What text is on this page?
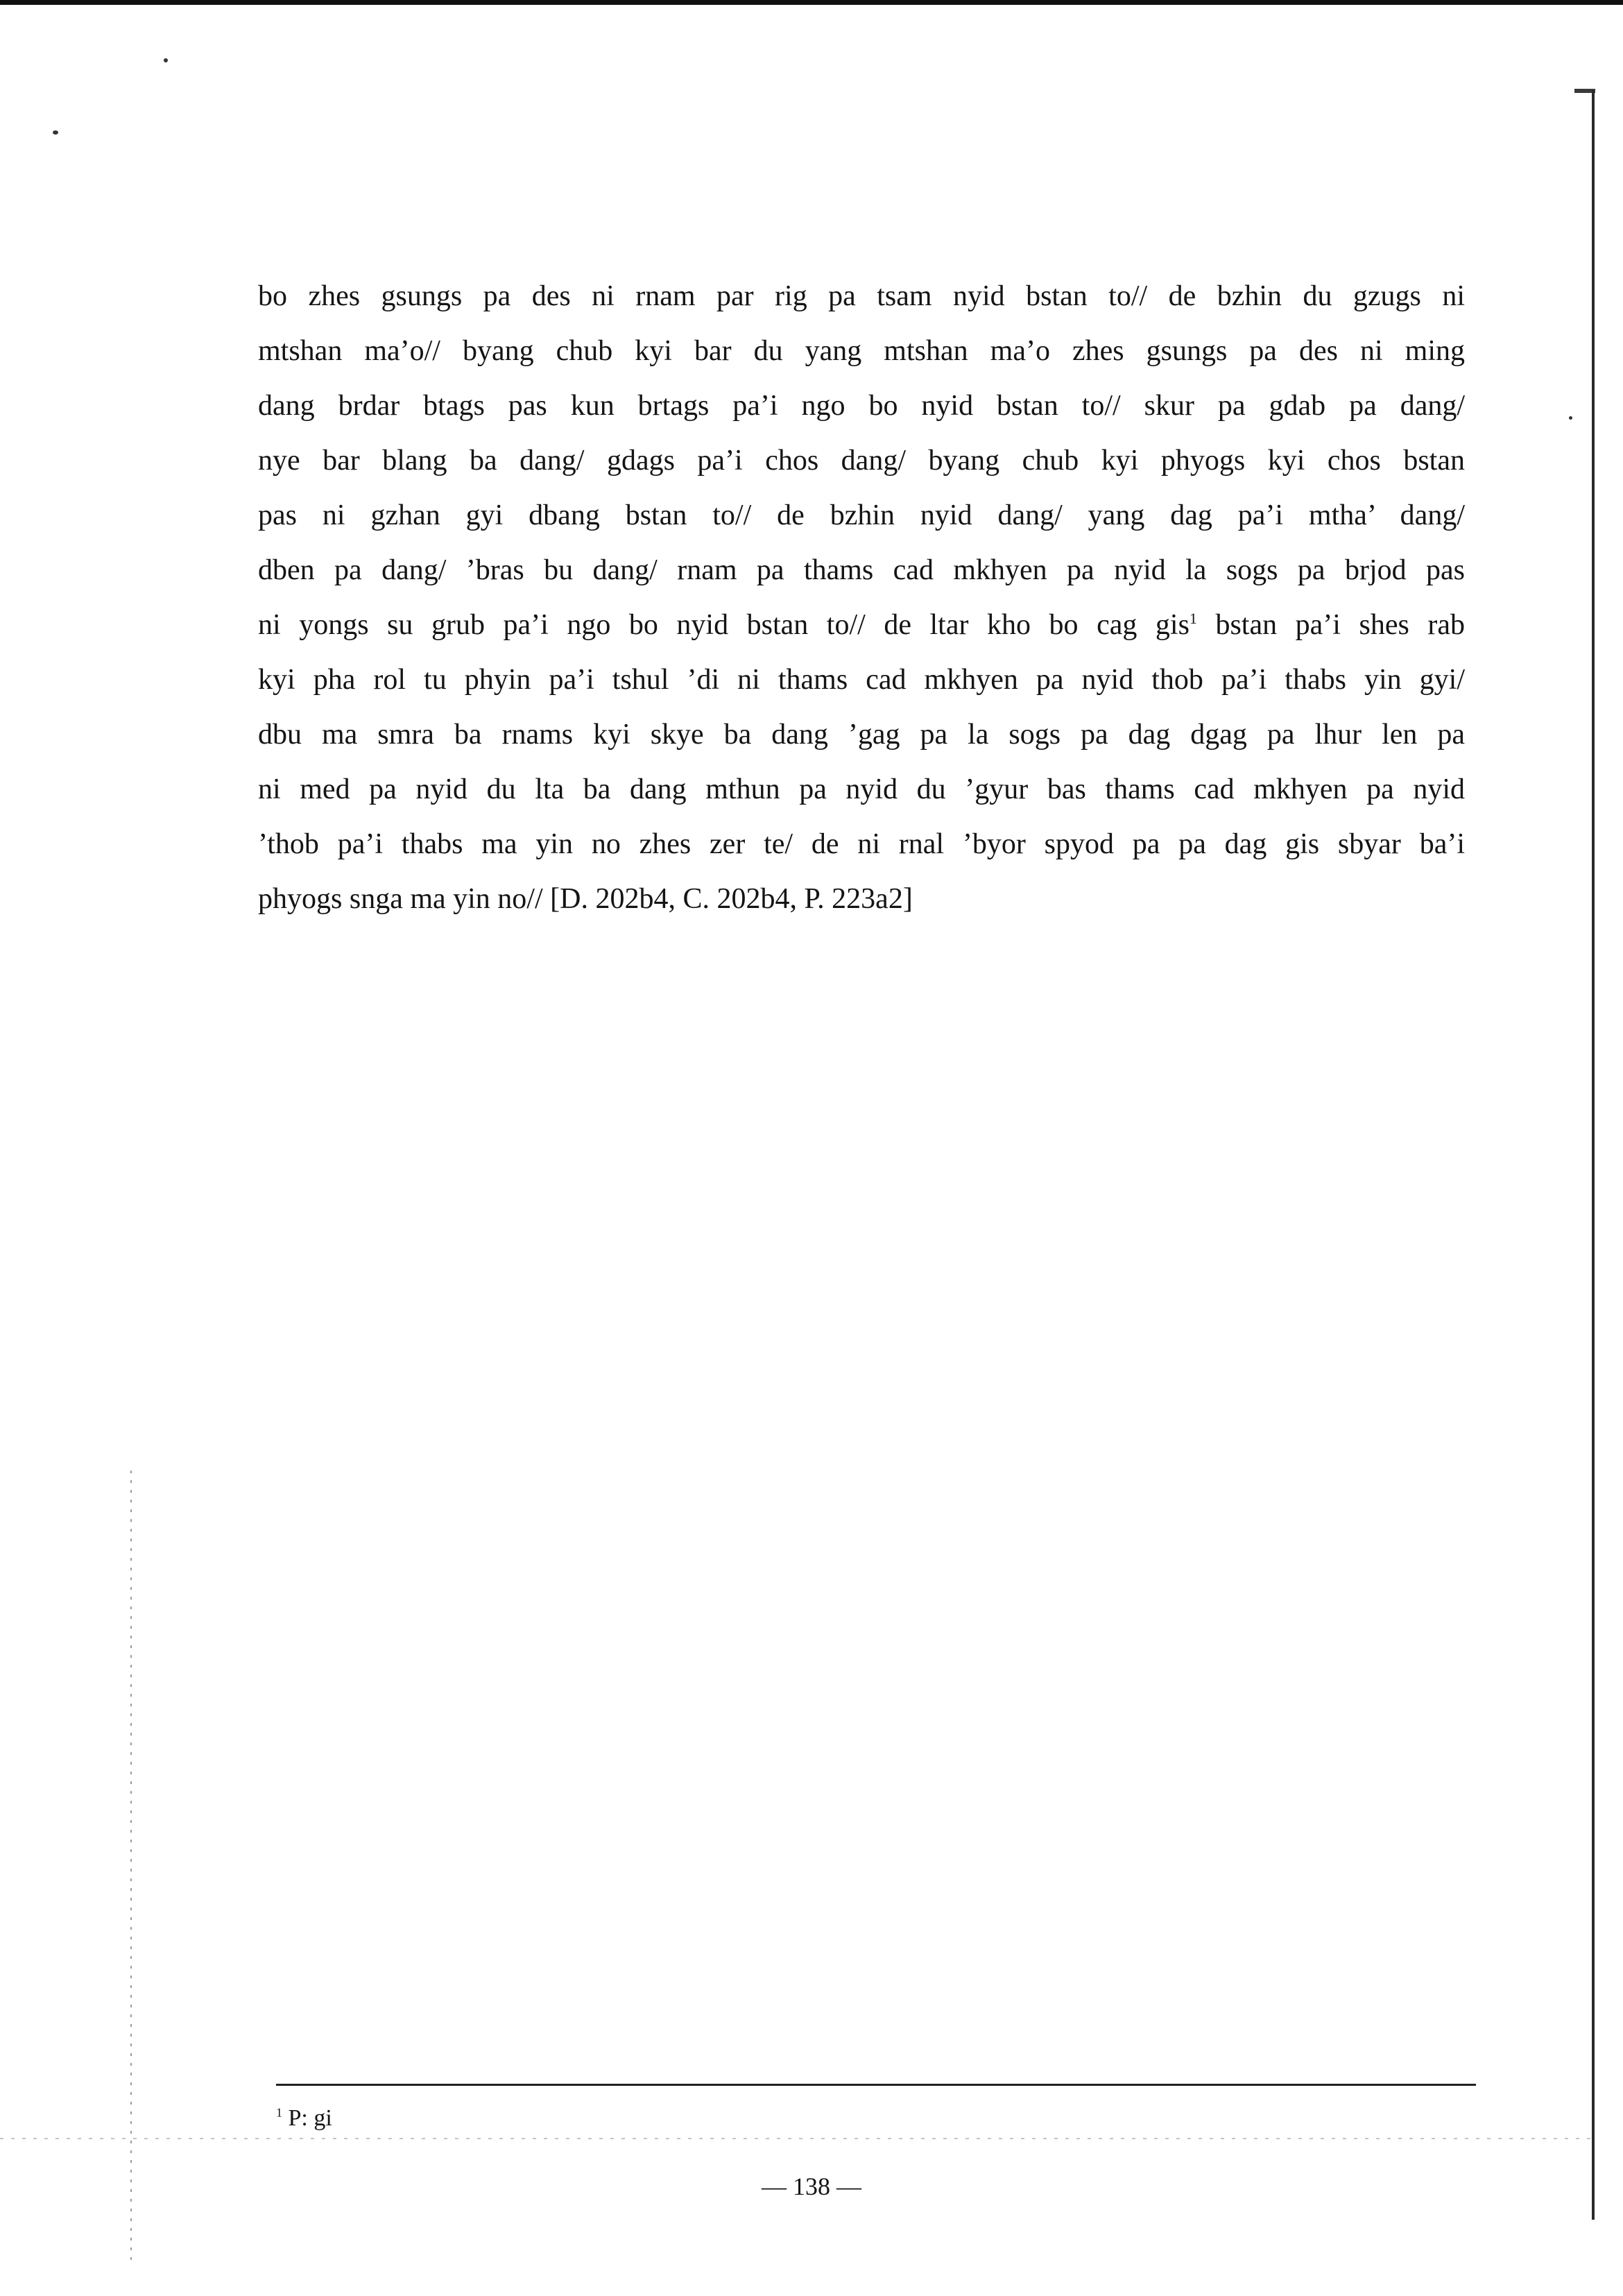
bo zhes gsungs pa des ni rnam par rig pa tsam nyid bstan to// de bzhin du gzugs ni
mtshan ma’o// byang chub kyi bar du yang mtshan ma’o zhes gsungs pa des ni ming
dang brdar btags pas kun brtags pa’i ngo bo nyid bstan to// skur pa gdab pa dang/
nye bar blang ba dang/ gdags pa’i chos dang/ byang chub kyi phyogs kyi chos bstan
pas ni gzhan gyi dbang bstan to// de bzhin nyid dang/ yang dag pa’i mtha’ dang/
dben pa dang/ ’bras bu dang/ rnam pa thams cad mkhyen pa nyid la sogs pa brjod pas
ni yongs su grub pa’i ngo bo nyid bstan to// de ltar kho bo cag gis$^1$ bstan pa’i shes rab
kyi pha rol tu phyin pa’i tshul ’di ni thams cad mkhyen pa nyid thob pa’i thabs yin gyi/
dbu ma smra ba rnams kyi skye ba dang ’gag pa la sogs pa dag dgag pa lhur len pa
ni med pa nyid du lta ba dang mthun pa nyid du ’gyur bas thams cad mkhyen pa nyid
’thob pa’i thabs ma yin no zhes zer te/ de ni rnal ’byor spyod pa pa dag gis sbyar ba’i
phyogs snga ma yin no// [D. 202b4, C. 202b4, P. 223a2]
$^1$ P: gi
— 138 —
